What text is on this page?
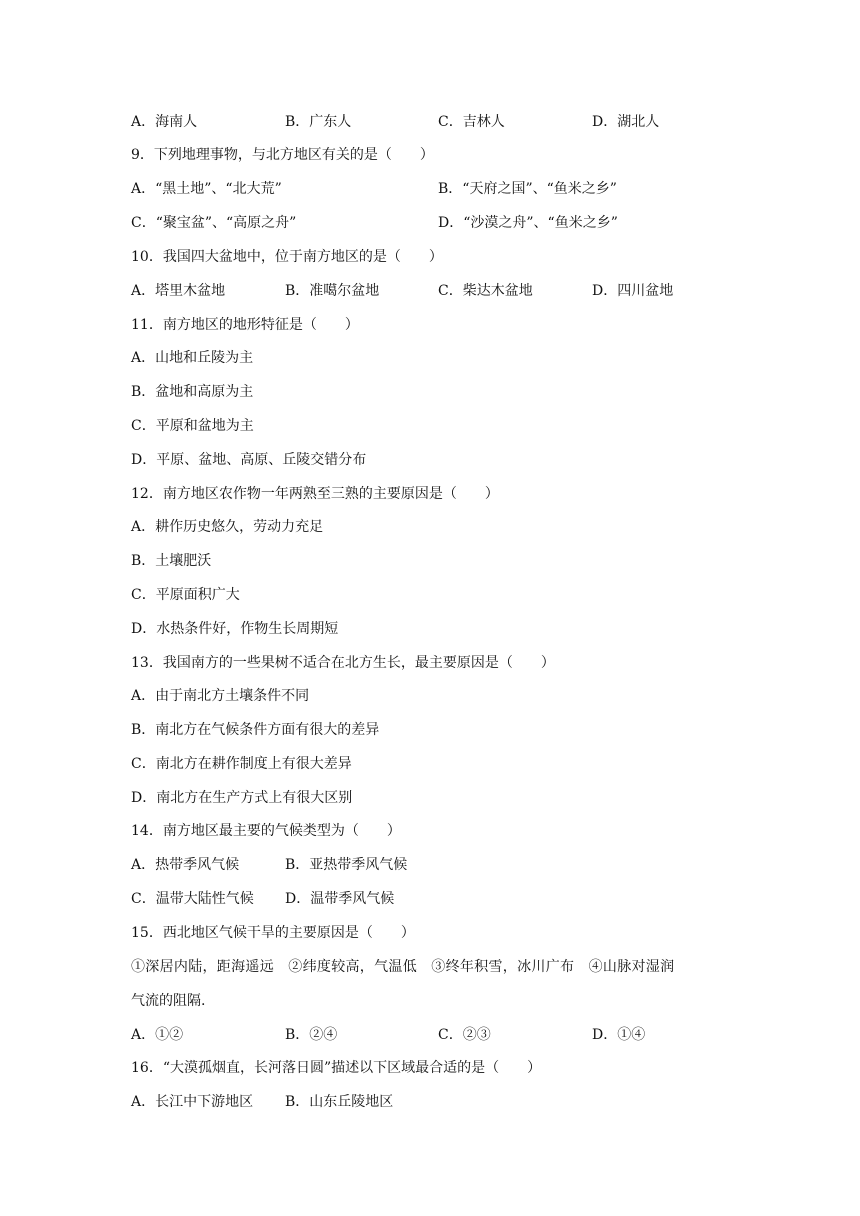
A．海南人	B．广东人	C．吉林人	D．湖北人
9．下列地理事物，与北方地区有关的是（　　）
A．“黑土地”、“北大荒”	B．“天府之国”、“鱼米之乡”
C．“聚宝盆”、“高原之舟”	D．“沙漠之舟”、“鱼米之乡”
10．我国四大盆地中，位于南方地区的是（　　）
A．塔里木盆地	B．准噶尔盆地	C．柴达木盆地	D．四川盆地
11．南方地区的地形特征是（　　）
A．山地和丘陵为主
B．盆地和高原为主
C．平原和盆地为主
D．平原、盆地、高原、丘陵交错分布
12．南方地区农作物一年两熟至三熟的主要原因是（　　）
A．耕作历史悠久，劳动力充足
B．土壤肥沃
C．平原面积广大
D．水热条件好，作物生长周期短
13．我国南方的一些果树不适合在北方生长，最主要原因是（　　）
A．由于南北方土壤条件不同
B．南北方在气候条件方面有很大的差异
C．南北方在耕作制度上有很大差异
D．南北方在生产方式上有很大区别
14．南方地区最主要的气候类型为（　　）
A．热带季风气候	B．亚热带季风气候
C．温带大陆性气候 D．温带季风气候
15．西北地区气候干旱的主要原因是（　　）
①深居内陆，距海遥远　②纬度较高，气温低　③终年积雪，冰川广布　④山脉对湿润
气流的阻隔.
A．①②	B．②④	C．②③	D．①④
16．“大漠孤烟直，长河落日圆”描述以下区域最合适的是（　　）
A．长江中下游地区 B．山东丘陵地区
